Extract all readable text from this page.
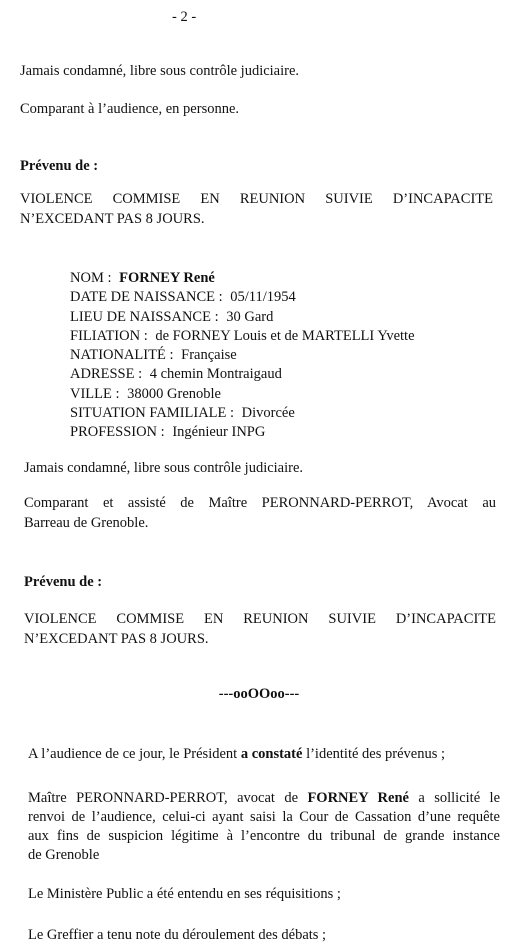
- 2 -
Jamais condamné, libre sous contrôle judiciaire.
Comparant à l’audience, en personne.
Prévenu de :
VIOLENCE COMMISE EN REUNION SUIVIE D’INCAPACITE
N’EXCEDANT PAS 8 JOURS.
NOM : FORNEY René
DATE DE NAISSANCE : 05/11/1954
LIEU DE NAISSANCE : 30 Gard
FILIATION : de FORNEY Louis et de MARTELLI Yvette
NATIONALITÉ : Française
ADRESSE : 4 chemin Montraigaud
VILLE : 38000 Grenoble
SITUATION FAMILIALE : Divorcée
PROFESSION : Ingénieur INPG
Jamais condamné, libre sous contrôle judiciaire.
Comparant et assisté de Maître PERONNARD-PERROT, Avocat au
Barreau de Grenoble.
Prévenu de :
VIOLENCE COMMISE EN REUNION SUIVIE D’INCAPACITE
N’EXCEDANT PAS 8 JOURS.
---ooOOoo---
A l’audience de ce jour, le Président a constaté l’identité des prévenus ;
Maître PERONNARD-PERROT, avocat de FORNEY René a sollicité le
renvoi de l’audience, celui-ci ayant saisi la Cour de Cassation d’une requête
aux fins de suspicion légitime à l’encontre du tribunal de grande instance
de Grenoble
Le Ministère Public a été entendu en ses réquisitions ;
Le Greffier a tenu note du déroulement des débats ;
